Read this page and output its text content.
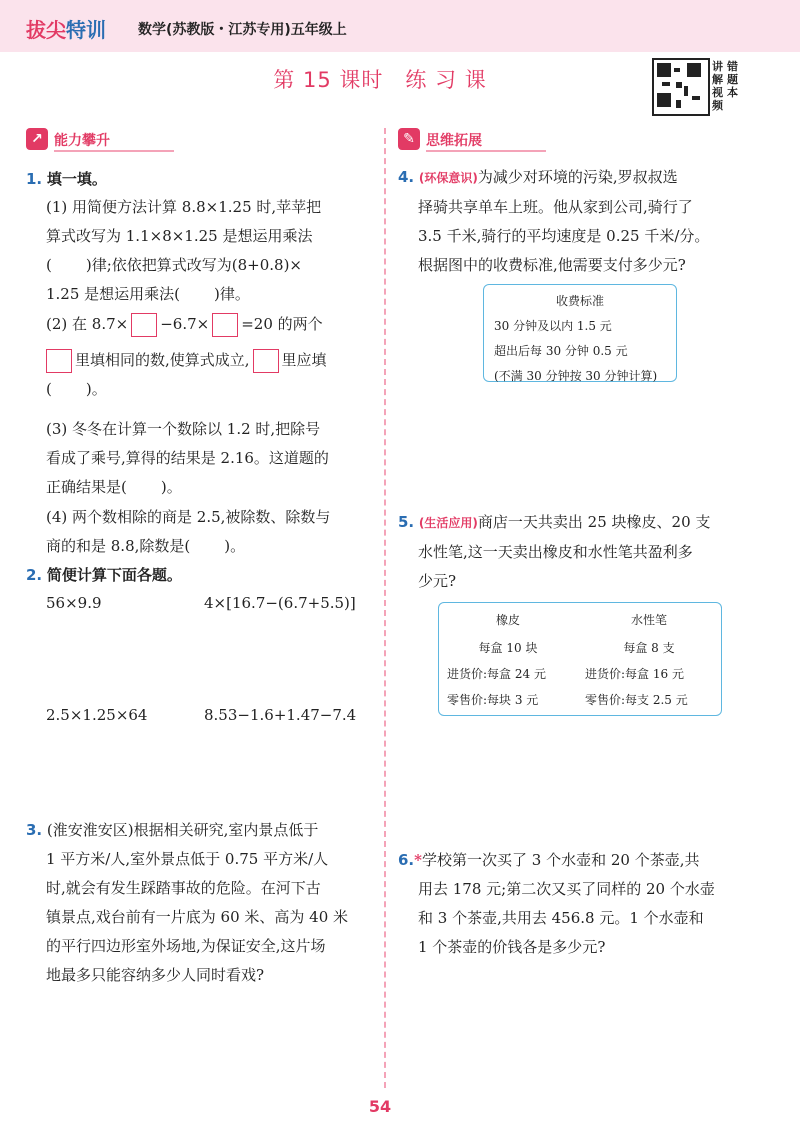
拔尖特训 数学(苏教版・江苏专用)五年级上
第 15 课时　练 习 课
讲解视频
错题本
↗ 能力攀升	✎ 思维拓展
1. 填一填。
(1) 用简便方法计算 8.8×1.25 时,苹苹把
算式改写为 1.1×8×1.25 是想运用乘法
( )律;依依把算式改写为(8+0.8)×
1.25 是想运用乘法( )律。
(2) 在 8.7× −6.7× =20 的两个
里填相同的数,使算式成立, 里应填
( )。
(3) 冬冬在计算一个数除以 1.2 时,把除号
看成了乘号,算得的结果是 2.16。这道题的
正确结果是( )。
(4) 两个数相除的商是 2.5,被除数、除数与
商的和是 8.8,除数是( )。
2. 简便计算下面各题。
56×9.9	4×[16.7−(6.7+5.5)]
2.5×1.25×64	8.53−1.6+1.47−7.4
3. (淮安淮安区)根据相关研究,室内景点低于
1 平方米/人,室外景点低于 0.75 平方米/人
时,就会有发生踩踏事故的危险。在河下古
镇景点,戏台前有一片底为 60 米、高为 40 米
的平行四边形室外场地,为保证安全,这片场
地最多只能容纳多少人同时看戏?
4. (环保意识)为减少对环境的污染,罗叔叔选
择骑共享单车上班。他从家到公司,骑行了
3.5 千米,骑行的平均速度是 0.25 千米/分。
根据图中的收费标准,他需要支付多少元?
收费标准
30 分钟及以内 1.5 元
超出后每 30 分钟 0.5 元
(不满 30 分钟按 30 分钟计算)
5. (生活应用)商店一天共卖出 25 块橡皮、20 支
水性笔,这一天卖出橡皮和水性笔共盈利多
少元?
橡皮	水性笔
每盒 10 块	每盒 8 支
进货价:每盒 24 元	进货价:每盒 16 元
零售价:每块 3 元	零售价:每支 2.5 元
6.*学校第一次买了 3 个水壶和 20 个茶壶,共
用去 178 元;第二次又买了同样的 20 个水壶
和 3 个茶壶,共用去 456.8 元。1 个水壶和
1 个茶壶的价钱各是多少元?
54
